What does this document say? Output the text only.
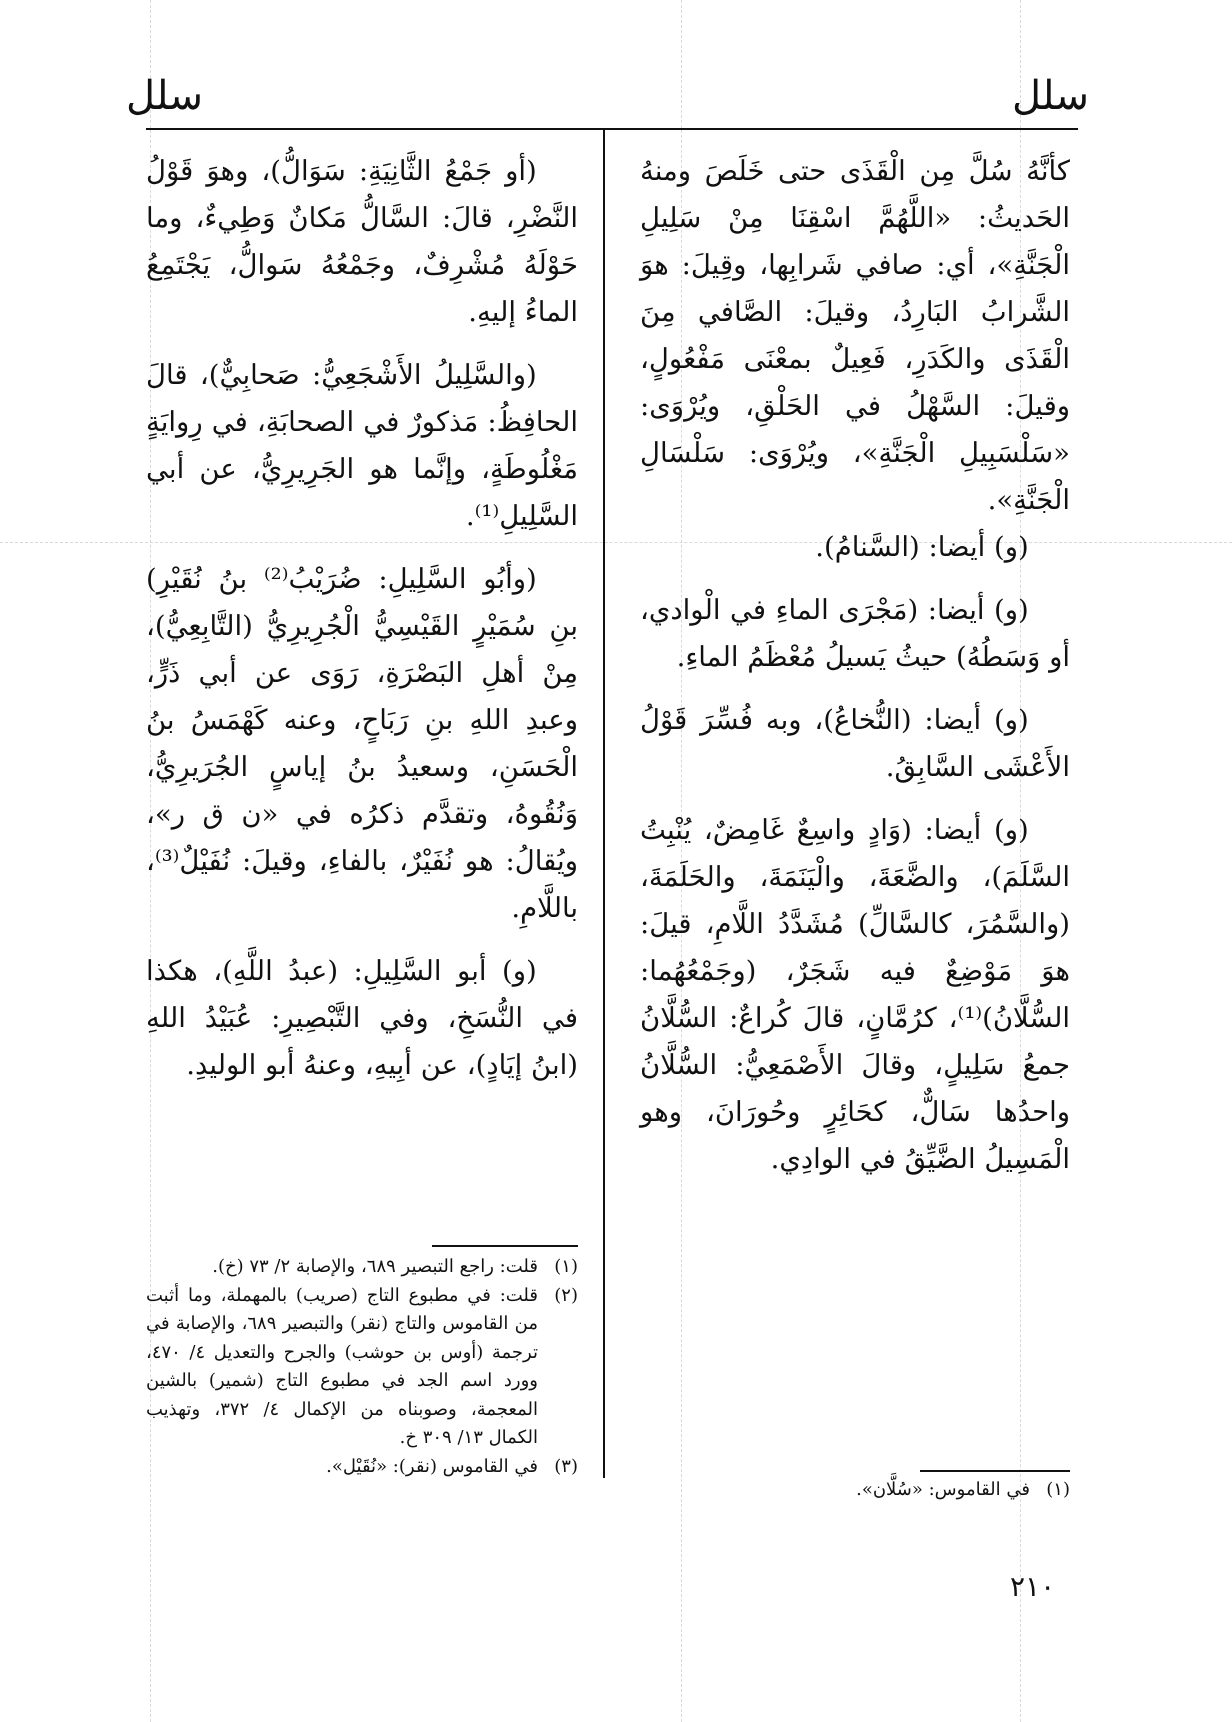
سلل
سلل

كأنَّهُ سُلَّ مِن الْقَذَى حتى خَلَصَ ومنهُ الحَديثُ: «اللَّهُمَّ اسْقِنَا مِنْ سَلِيلِ الْجَنَّةِ»، أي: صافي شَرابِها، وقِيلَ: هوَ الشَّرابُ البَارِدُ، وقيلَ: الصَّافي مِنَ الْقَذَى والكَدَرِ، فَعِيلٌ بمعْنَى مَفْعُولٍ، وقيلَ: السَّهْلُ في الحَلْقِ، ويُرْوَى: «سَلْسَبِيلِ الْجَنَّةِ»، ويُرْوَى: سَلْسَالِ الْجَنَّةِ».

(و) أيضا: (السَّنامُ).

(و) أيضا: (مَجْرَى الماءِ في الْوادي، أو وَسَطُهُ) حيثُ يَسيلُ مُعْظَمُ الماءِ.

(و) أيضا: (النُّخاعُ)، وبه فُسِّرَ قَوْلُ الأَعْشَى السَّابِقُ.

(و) أيضا: (وَادٍ واسِعٌ غَامِضٌ، يُنْبِتُ السَّلَمَ)، والضَّعَةَ، والْيَنَمَةَ، والحَلَمَةَ، (والسَّمُرَ، كالسَّالِّ) مُشَدَّدُ اللَّامِ، قيلَ: هوَ مَوْضِعٌ فيه شَجَرٌ، (وجَمْعُهُما: السُّلَّانُ)⁽¹⁾، كرُمَّانٍ، قالَ كُراعٌ: السُّلَّانُ جمعُ سَلِيلٍ، وقالَ الأَصْمَعِيُّ: السُّلَّانُ واحدُها سَالٌّ، كحَائِرٍ وحُورَانَ، وهو الْمَسِيلُ الضَّيِّقُ في الوادِي.

(أو جَمْعُ الثَّانِيَةِ: سَوَالُّ)، وهوَ قَوْلُ النَّضْرِ، قالَ: السَّالُّ مَكانٌ وَطِيءٌ، وما حَوْلَهُ مُشْرِفٌ، وجَمْعُهُ سَوالُّ، يَجْتَمِعُ الماءُ إليهِ.

(والسَّلِيلُ الأَشْجَعِيُّ: صَحابِيٌّ)، قالَ الحافِظُ: مَذكورٌ في الصحابَةِ، في رِوايَةٍ مَغْلُوطَةٍ، وإنَّما هو الجَرِيرِيُّ، عن أبي السَّلِيلِ⁽¹⁾.

(وأبُو السَّلِيلِ: ضُرَيْبُ⁽²⁾ بنُ نُقَيْرِ) بنِ سُمَيْرٍ القَيْسِيُّ الْجُرِيرِيُّ (التَّابِعِيُّ)، مِنْ أهلِ البَصْرَةِ، رَوَى عن أبي ذَرٍّ، وعبدِ اللهِ بنِ رَبَاحٍ، وعنه كَهْمَسُ بنُ الْحَسَنِ، وسعيدُ بنُ إياسٍ الجُرَيرِيُّ، وَنُقُوهُ، وتقدَّم ذكرُه في «ن ق ر»، ويُقالُ: هو نُفَيْرٌ، بالفاءِ، وقيلَ: نُفَيْلٌ⁽³⁾، باللَّامِ.

(و) أبو السَّلِيلِ: (عبدُ اللَّهِ)، هكذا في النُّسَخِ، وفي التَّبْصِيرِ: عُبَيْدُ اللهِ (ابنُ إيَادٍ)، عن أبِيهِ، وعنهُ أبو الوليدِ.

(١)
قلت: راجع التبصير ٦٨٩، والإصابة ٢/ ٧٣ (خ).

(٢)
قلت: في مطبوع التاج (صريب) بالمهملة، وما أثبت من القاموس والتاج (نقر) والتبصير ٦٨٩، والإصابة في ترجمة (أوس بن حوشب) والجرح والتعديل ٤/ ٤٧٠، وورد اسم الجد في مطبوع التاج (شمير) بالشين المعجمة، وصوبناه من الإكمال ٤/ ٣٧٢، وتهذيب الكمال ١٣/ ٣٠٩ خ.

(٣)
في القاموس (نقر): «نُقَيْل».

(١)
في القاموس: «سُلَّان».

٢١٠
